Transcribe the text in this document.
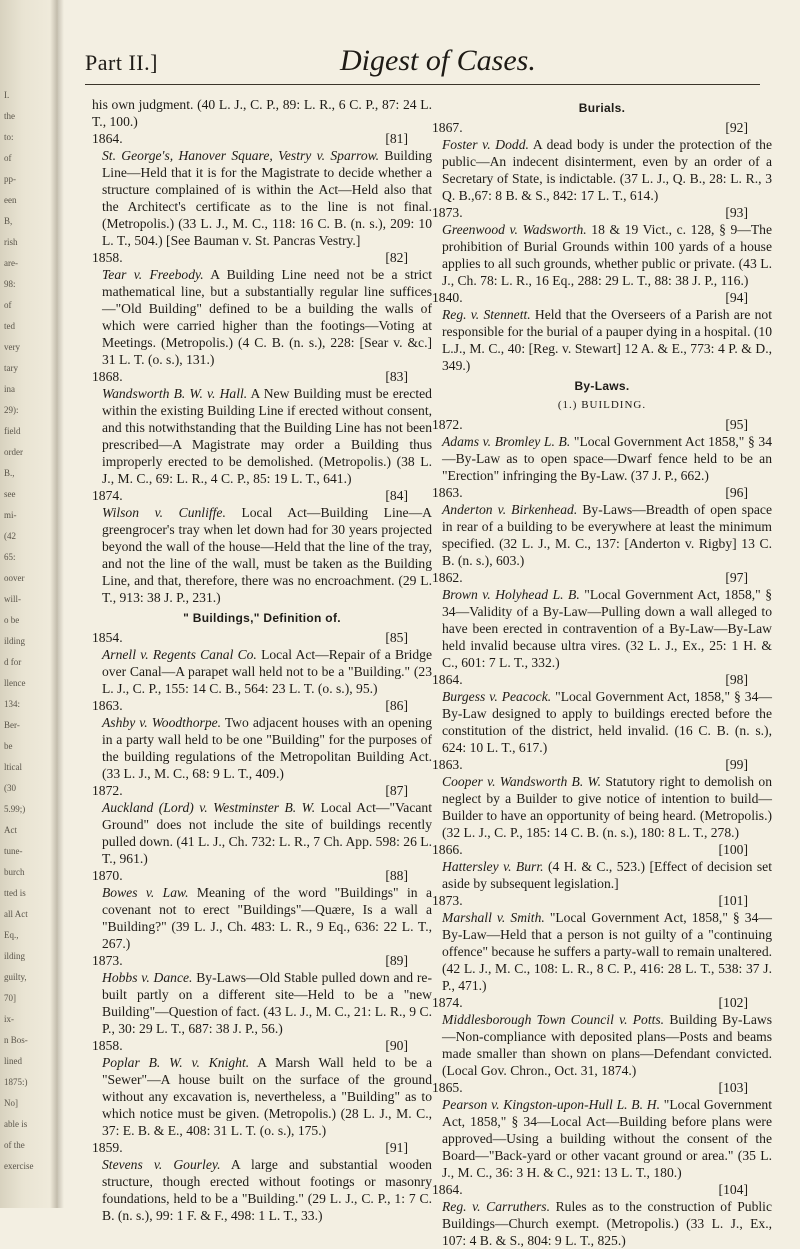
I.
the
to:
of
pp-
een
B,
rish
are-
98:
of
ted
very
tary
ina
29):
field
order
B.,
see
mi-
(42
65:
oover
will-
o be
ilding
d for
llence
134:
Ber-
be
ltical
(30
5.99;)
Act
tune-
burch
tted is
all Act
Eq.,
ilding
guilty,
70]
ix-
n Bos-
lined
1875:)
No]
able is
of the
exercise
Part II.]	Digest of Cases.
his own judgment. (40 L. J., C. P., 89: L. R., 6 C. P., 87: 24 L. T., 100.)
1864.	[81]

St. George's, Hanover Square, Vestry v. Sparrow. Building Line—Held that it is for the Magistrate to decide whether a structure complained of is within the Act—Held also that the Architect's certificate as to the line is not final. (Metropolis.) (33 L. J., M. C., 118: 16 C. B. (n. s.), 209: 10 L. T., 504.) [See Bauman v. St. Pancras Vestry.]

1858.	[82]

Tear v. Freebody. A Building Line need not be a strict mathematical line, but a substantially regular line suffices—"Old Building" defined to be a building the walls of which were carried higher than the footings—Voting at Meetings. (Metropolis.) (4 C. B. (n. s.), 228: [Sear v. &c.] 31 L. T. (o. s.), 131.)

1868.	[83]

Wandsworth B. W. v. Hall. A New Building must be erected within the existing Building Line if erected without consent, and this notwithstanding that the Building Line has not been prescribed—A Magistrate may order a Building thus improperly erected to be demolished. (Metropolis.) (38 L. J., M. C., 69: L. R., 4 C. P., 85: 19 L. T., 641.)

1874.	[84]

Wilson v. Cunliffe. Local Act—Building Line—A greengrocer's tray when let down had for 30 years projected beyond the wall of the house—Held that the line of the tray, and not the line of the wall, must be taken as the Building Line, and that, therefore, there was no encroachment. (29 L. T., 913: 38 J. P., 231.)

" Buildings," Definition of.
1854.	[85]

Arnell v. Regents Canal Co. Local Act—Repair of a Bridge over Canal—A parapet wall held not to be a "Building." (23 L. J., C. P., 155: 14 C. B., 564: 23 L. T. (o. s.), 95.)

1863.	[86]

Ashby v. Woodthorpe. Two adjacent houses with an opening in a party wall held to be one "Building" for the purposes of the building regulations of the Metropolitan Building Act. (33 L. J., M. C., 68: 9 L. T., 409.)

1872.	[87]

Auckland (Lord) v. Westminster B. W. Local Act—"Vacant Ground" does not include the site of buildings recently pulled down. (41 L. J., Ch. 732: L. R., 7 Ch. App. 598: 26 L. T., 961.)

1870.	[88]

Bowes v. Law. Meaning of the word "Buildings" in a covenant not to erect "Buildings"—Quære, Is a wall a "Building?" (39 L. J., Ch. 483: L. R., 9 Eq., 636: 22 L. T., 267.)

1873.	[89]

Hobbs v. Dance. By-Laws—Old Stable pulled down and re-built partly on a different site—Held to be a "new Building"—Question of fact. (43 L. J., M. C., 21: L. R., 9 C. P., 30: 29 L. T., 687: 38 J. P., 56.)

1858.	[90]

Poplar B. W. v. Knight. A Marsh Wall held to be a "Sewer"—A house built on the surface of the ground without any excavation is, nevertheless, a "Building" as to which notice must be given. (Metropolis.) (28 L. J., M. C., 37: E. B. & E., 408: 31 L. T. (o. s.), 175.)

1859.	[91]

Stevens v. Gourley. A large and substantial wooden structure, though erected without footings or masonry foundations, held to be a "Building." (29 L. J., C. P., 1: 7 C. B. (n. s.), 99: 1 F. & F., 498: 1 L. T., 33.)

Burials.
1867.	[92]

Foster v. Dodd. A dead body is under the protection of the public—An indecent disinterment, even by an order of a Secretary of State, is indictable. (37 L. J., Q. B., 28: L. R., 3 Q. B.,67: 8 B. & S., 842: 17 L. T., 614.)

1873.	[93]

Greenwood v. Wadsworth. 18 & 19 Vict., c. 128, § 9—The prohibition of Burial Grounds within 100 yards of a house applies to all such grounds, whether public or private. (43 L. J., Ch. 78: L. R., 16 Eq., 288: 29 L. T., 88: 38 J. P., 116.)

1840.	[94]

Reg. v. Stennett. Held that the Overseers of a Parish are not responsible for the burial of a pauper dying in a hospital. (10 L.J., M. C., 40: [Reg. v. Stewart] 12 A. & E., 773: 4 P. & D., 349.)

By-Laws.
(1.) BUILDING.
1872.	[95]

Adams v. Bromley L. B. "Local Government Act 1858," § 34—By-Law as to open space—Dwarf fence held to be an "Erection" infringing the By-Law. (37 J. P., 662.)

1863.	[96]

Anderton v. Birkenhead. By-Laws—Breadth of open space in rear of a building to be everywhere at least the minimum specified. (32 L. J., M. C., 137: [Anderton v. Rigby] 13 C. B. (n. s.), 603.)

1862.	[97]

Brown v. Holyhead L. B. "Local Government Act, 1858," § 34—Validity of a By-Law—Pulling down a wall alleged to have been erected in contravention of a By-Law—By-Law held invalid because ultra vires. (32 L. J., Ex., 25: 1 H. & C., 601: 7 L. T., 332.)

1864.	[98]

Burgess v. Peacock. "Local Government Act, 1858," § 34—By-Law designed to apply to buildings erected before the constitution of the district, held invalid. (16 C. B. (n. s.), 624: 10 L. T., 617.)

1863.	[99]

Cooper v. Wandsworth B. W. Statutory right to demolish on neglect by a Builder to give notice of intention to build—Builder to have an opportunity of being heard. (Metropolis.) (32 L. J., C. P., 185: 14 C. B. (n. s.), 180: 8 L. T., 278.)

1866.	[100]

Hattersley v. Burr. (4 H. & C., 523.) [Effect of decision set aside by subsequent legislation.]

1873.	[101]

Marshall v. Smith. "Local Government Act, 1858," § 34—By-Law—Held that a person is not guilty of a "continuing offence" because he suffers a party-wall to remain unaltered. (42 L. J., M. C., 108: L. R., 8 C. P., 416: 28 L. T., 538: 37 J. P., 471.)

1874.	[102]

Middlesborough Town Council v. Potts. Building By-Laws—Non-compliance with deposited plans—Posts and beams made smaller than shown on plans—Defendant convicted. (Local Gov. Chron., Oct. 31, 1874.)

1865.	[103]

Pearson v. Kingston-upon-Hull L. B. H. "Local Government Act, 1858," § 34—Local Act—Building before plans were approved—Using a building without the consent of the Board—"Back-yard or other vacant ground or area." (35 L. J., M. C., 36: 3 H. & C., 921: 13 L. T., 180.)

1864.	[104]

Reg. v. Carruthers. Rules as to the construction of Public Buildings—Church exempt. (Metropolis.) (33 L. J., Ex., 107: 4 B. & S., 804: 9 L. T., 825.)
